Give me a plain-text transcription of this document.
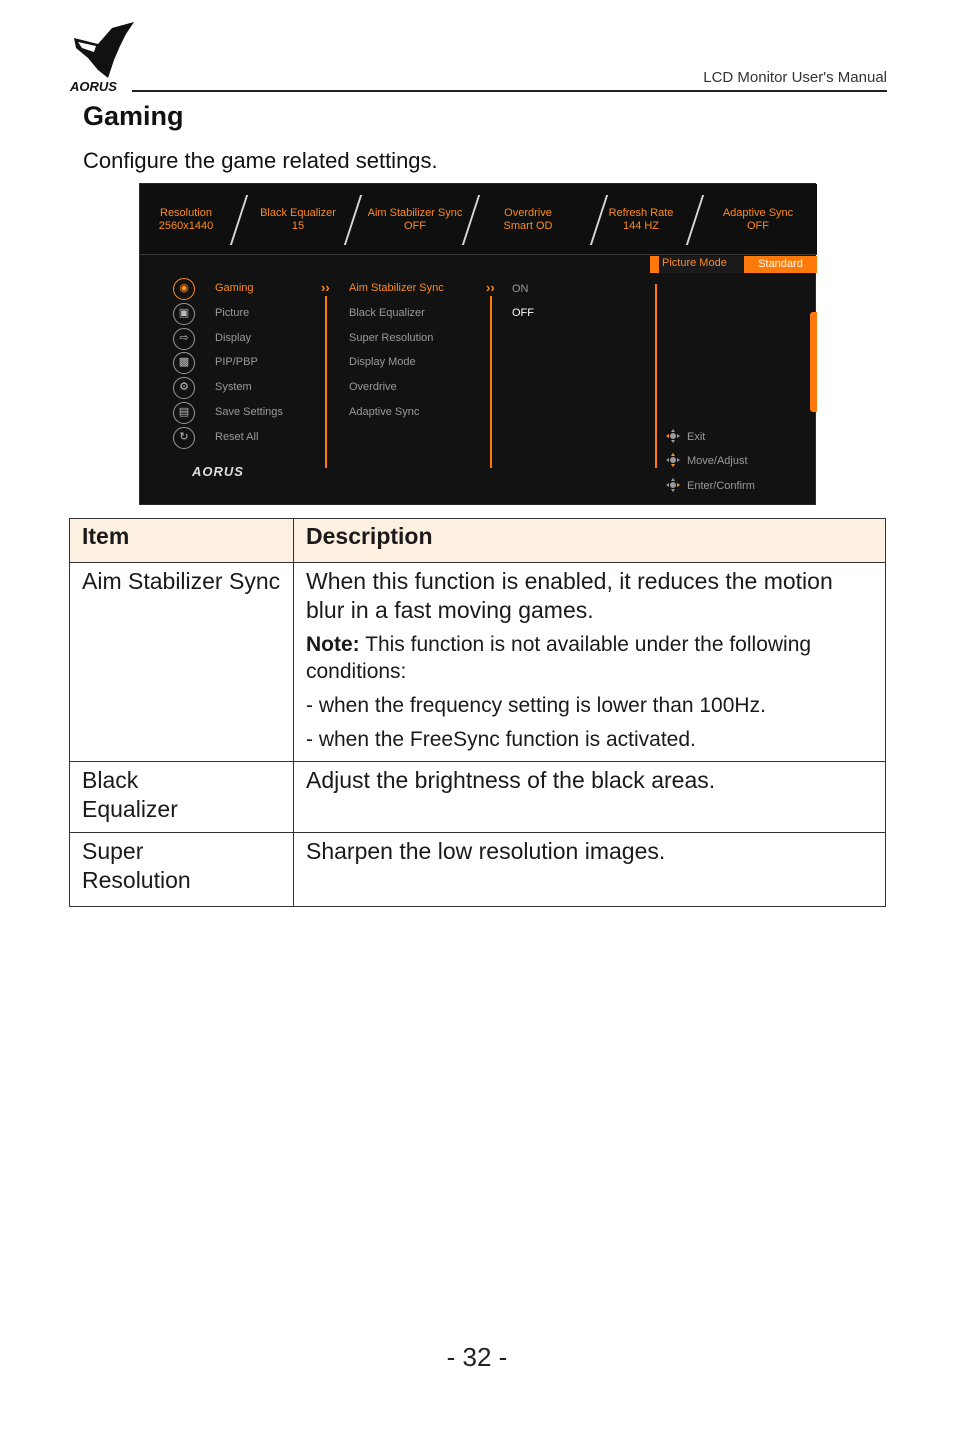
AORUS
LCD Monitor User's Manual
Gaming
Configure the game related settings.
Resolution
2560x1440
Black Equalizer
15
Aim Stabilizer Sync
OFF
Overdrive
Smart OD
Refresh Rate
144 HZ
Adaptive Sync
OFF
Picture Mode	Standard
◉	Gaming
▣	Picture
⇨	Display
▩	PIP/PBP
⚙	System
▤	Save Settings
↻	Reset All
›› Aim Stabilizer Sync
Black Equalizer
Super Resolution
Display Mode
Overdrive
Adaptive Sync
›› ON
OFF
Exit
Move/Adjust
Enter/Confirm
AORUS
Item	Description
Aim Stabilizer Sync	When this function is enabled, it reduces the motion blur in a fast moving games.
Note: This function is not available under the following conditions:
- when the frequency setting is lower than 100Hz.
- when the FreeSync function is activated.

Black
Equalizer	Adjust the brightness of the black areas.

Super
Resolution	Sharpen the low resolution images.
- 32 -
